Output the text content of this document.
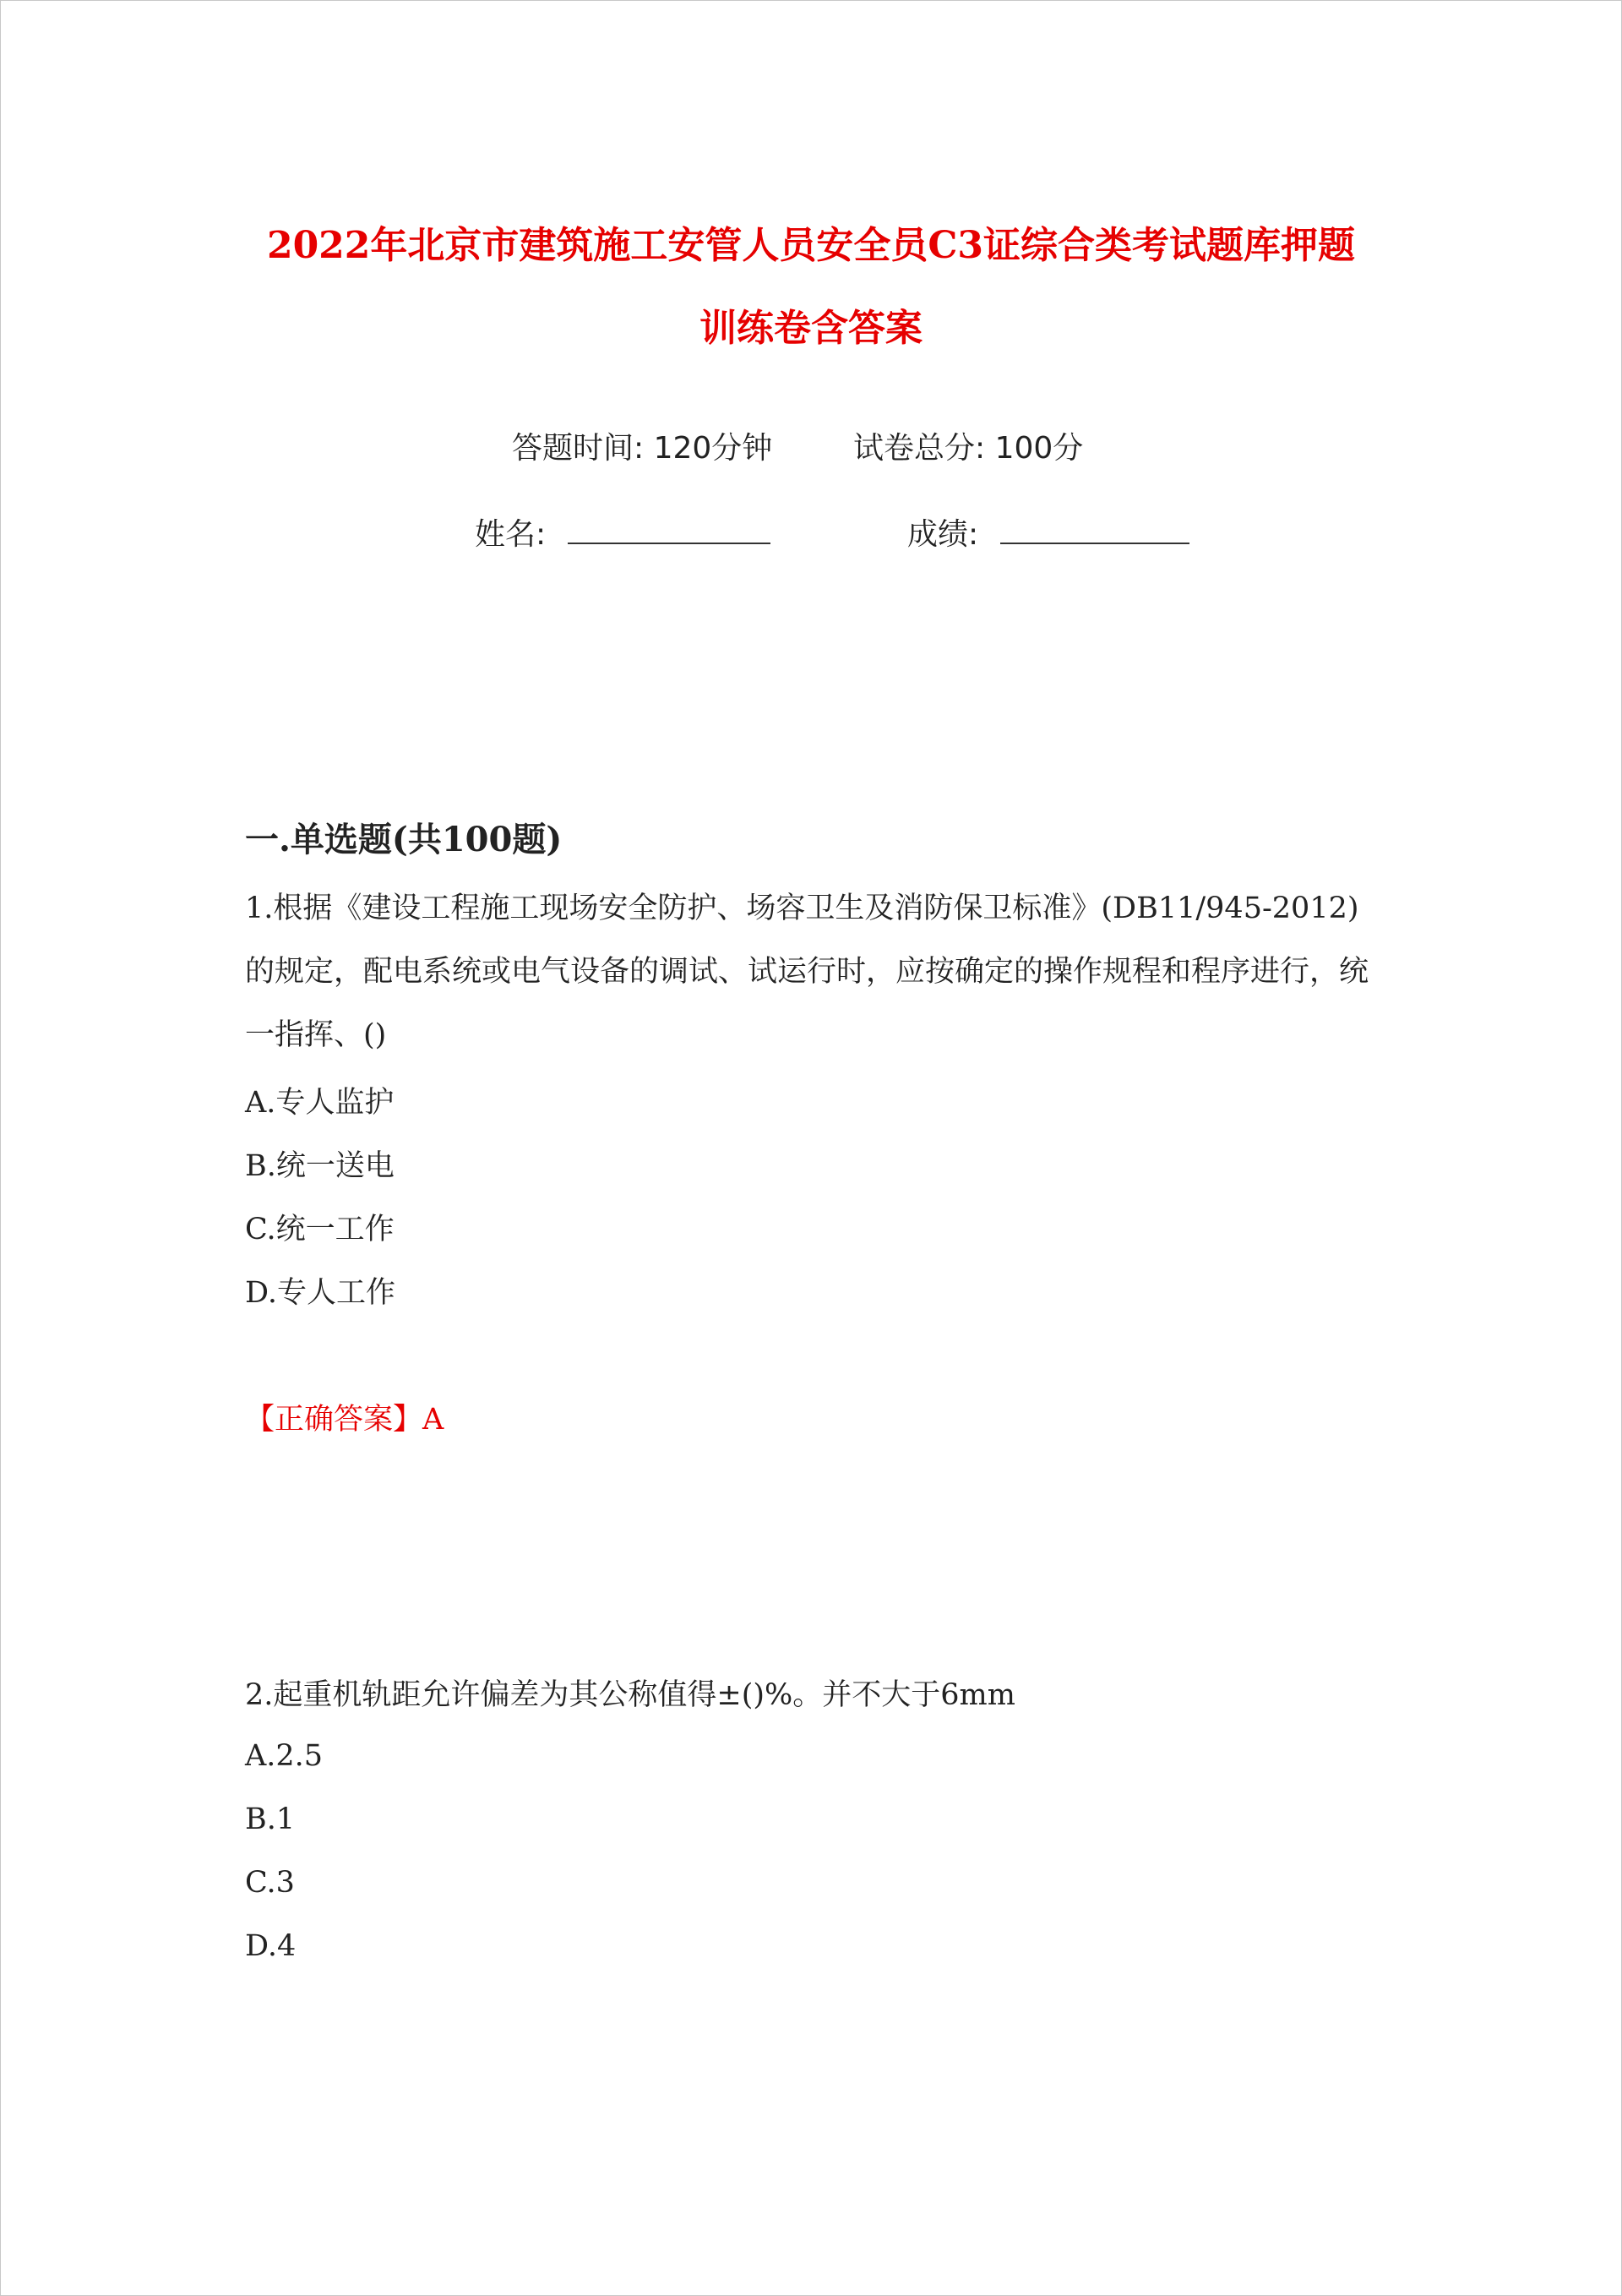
2022年北京市建筑施工安管人员安全员C3证综合类考试题库押题
训练卷含答案
答题时间: 120分钟	试卷总分: 100分
姓名:	成绩:
一.单选题(共100题)
1.根据《建设工程施工现场安全防护、场容卫生及消防保卫标准》(DB11/945-2012)的规定，配电系统或电气设备的调试、试运行时，应按确定的操作规程和程序进行，统一指挥、()
A.专人监护
B.统一送电
C.统一工作
D.专人工作
【正确答案】A
2.起重机轨距允许偏差为其公称值得±()%。并不大于6mm
A.2.5
B.1
C.3
D.4
